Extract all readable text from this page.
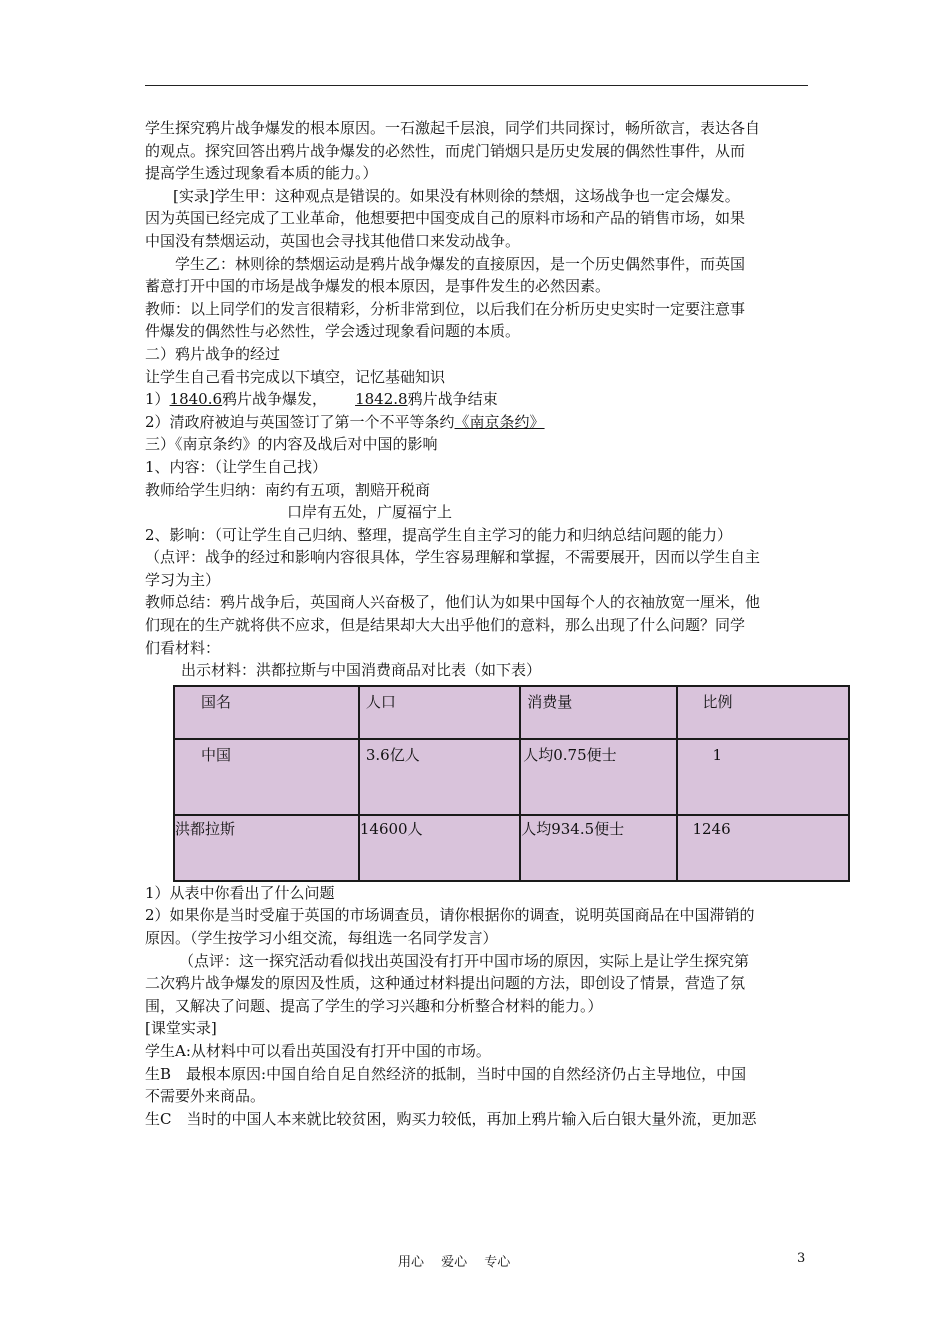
学生探究鸦片战争爆发的根本原因。一石激起千层浪，同学们共同探讨，畅所欲言，表达各自

的观点。探究回答出鸦片战争爆发的必然性，而虎门销烟只是历史发展的偶然性事件，从而

提高学生透过现象看本质的能力。）

[实录]学生甲：这种观点是错误的。如果没有林则徐的禁烟，这场战争也一定会爆发。

因为英国已经完成了工业革命，他想要把中国变成自己的原料市场和产品的销售市场，如果

中国没有禁烟运动，英国也会寻找其他借口来发动战争。

学生乙：林则徐的禁烟运动是鸦片战争爆发的直接原因，是一个历史偶然事件，而英国

蓄意打开中国的市场是战争爆发的根本原因，是事件发生的必然因素。

教师：以上同学们的发言很精彩，分析非常到位，以后我们在分析历史史实时一定要注意事

件爆发的偶然性与必然性，学会透过现象看问题的本质。

二）鸦片战争的经过

让学生自己看书完成以下填空，记忆基础知识

1）1840.6鸦片战争爆发， 1842.8鸦片战争结束

2）清政府被迫与英国签订了第一个不平等条约《南京条约》

三）《南京条约》的内容及战后对中国的影响

1、内容：（让学生自己找）

教师给学生归纳：南约有五项，割赔开税商

口岸有五处，广厦福宁上

2、影响：（可让学生自己归纳、整理，提高学生自主学习的能力和归纳总结问题的能力）

（点评：战争的经过和影响内容很具体，学生容易理解和掌握，不需要展开，因而以学生自主

学习为主）

教师总结：鸦片战争后，英国商人兴奋极了，他们认为如果中国每个人的衣袖放宽一厘米，他

们现在的生产就将供不应求，但是结果却大大出乎他们的意料，那么出现了什么问题？同学

们看材料：

出示材料：洪都拉斯与中国消费商品对比表（如下表）

国名	人口	消费量	比例
中国	3.6亿人	人均0.75便士	1
洪都拉斯	14600人	人均934.5便士	1246

1）从表中你看出了什么问题

2）如果你是当时受雇于英国的市场调查员，请你根据你的调查，说明英国商品在中国滞销的

原因。（学生按学习小组交流，每组选一名同学发言）

（点评：这一探究活动看似找出英国没有打开中国市场的原因，实际上是让学生探究第

二次鸦片战争爆发的原因及性质，这种通过材料提出问题的方法，即创设了情景，营造了氛

围，又解决了问题、提高了学生的学习兴趣和分析整合材料的能力。）

[课堂实录]

学生A:从材料中可以看出英国没有打开中国的市场。

生B　最根本原因:中国自给自足自然经济的抵制，当时中国的自然经济仍占主导地位，中国

不需要外来商品。

生C　当时的中国人本来就比较贫困，购买力较低，再加上鸦片输入后白银大量外流，更加恶

用心　 爱心　 专心	3
